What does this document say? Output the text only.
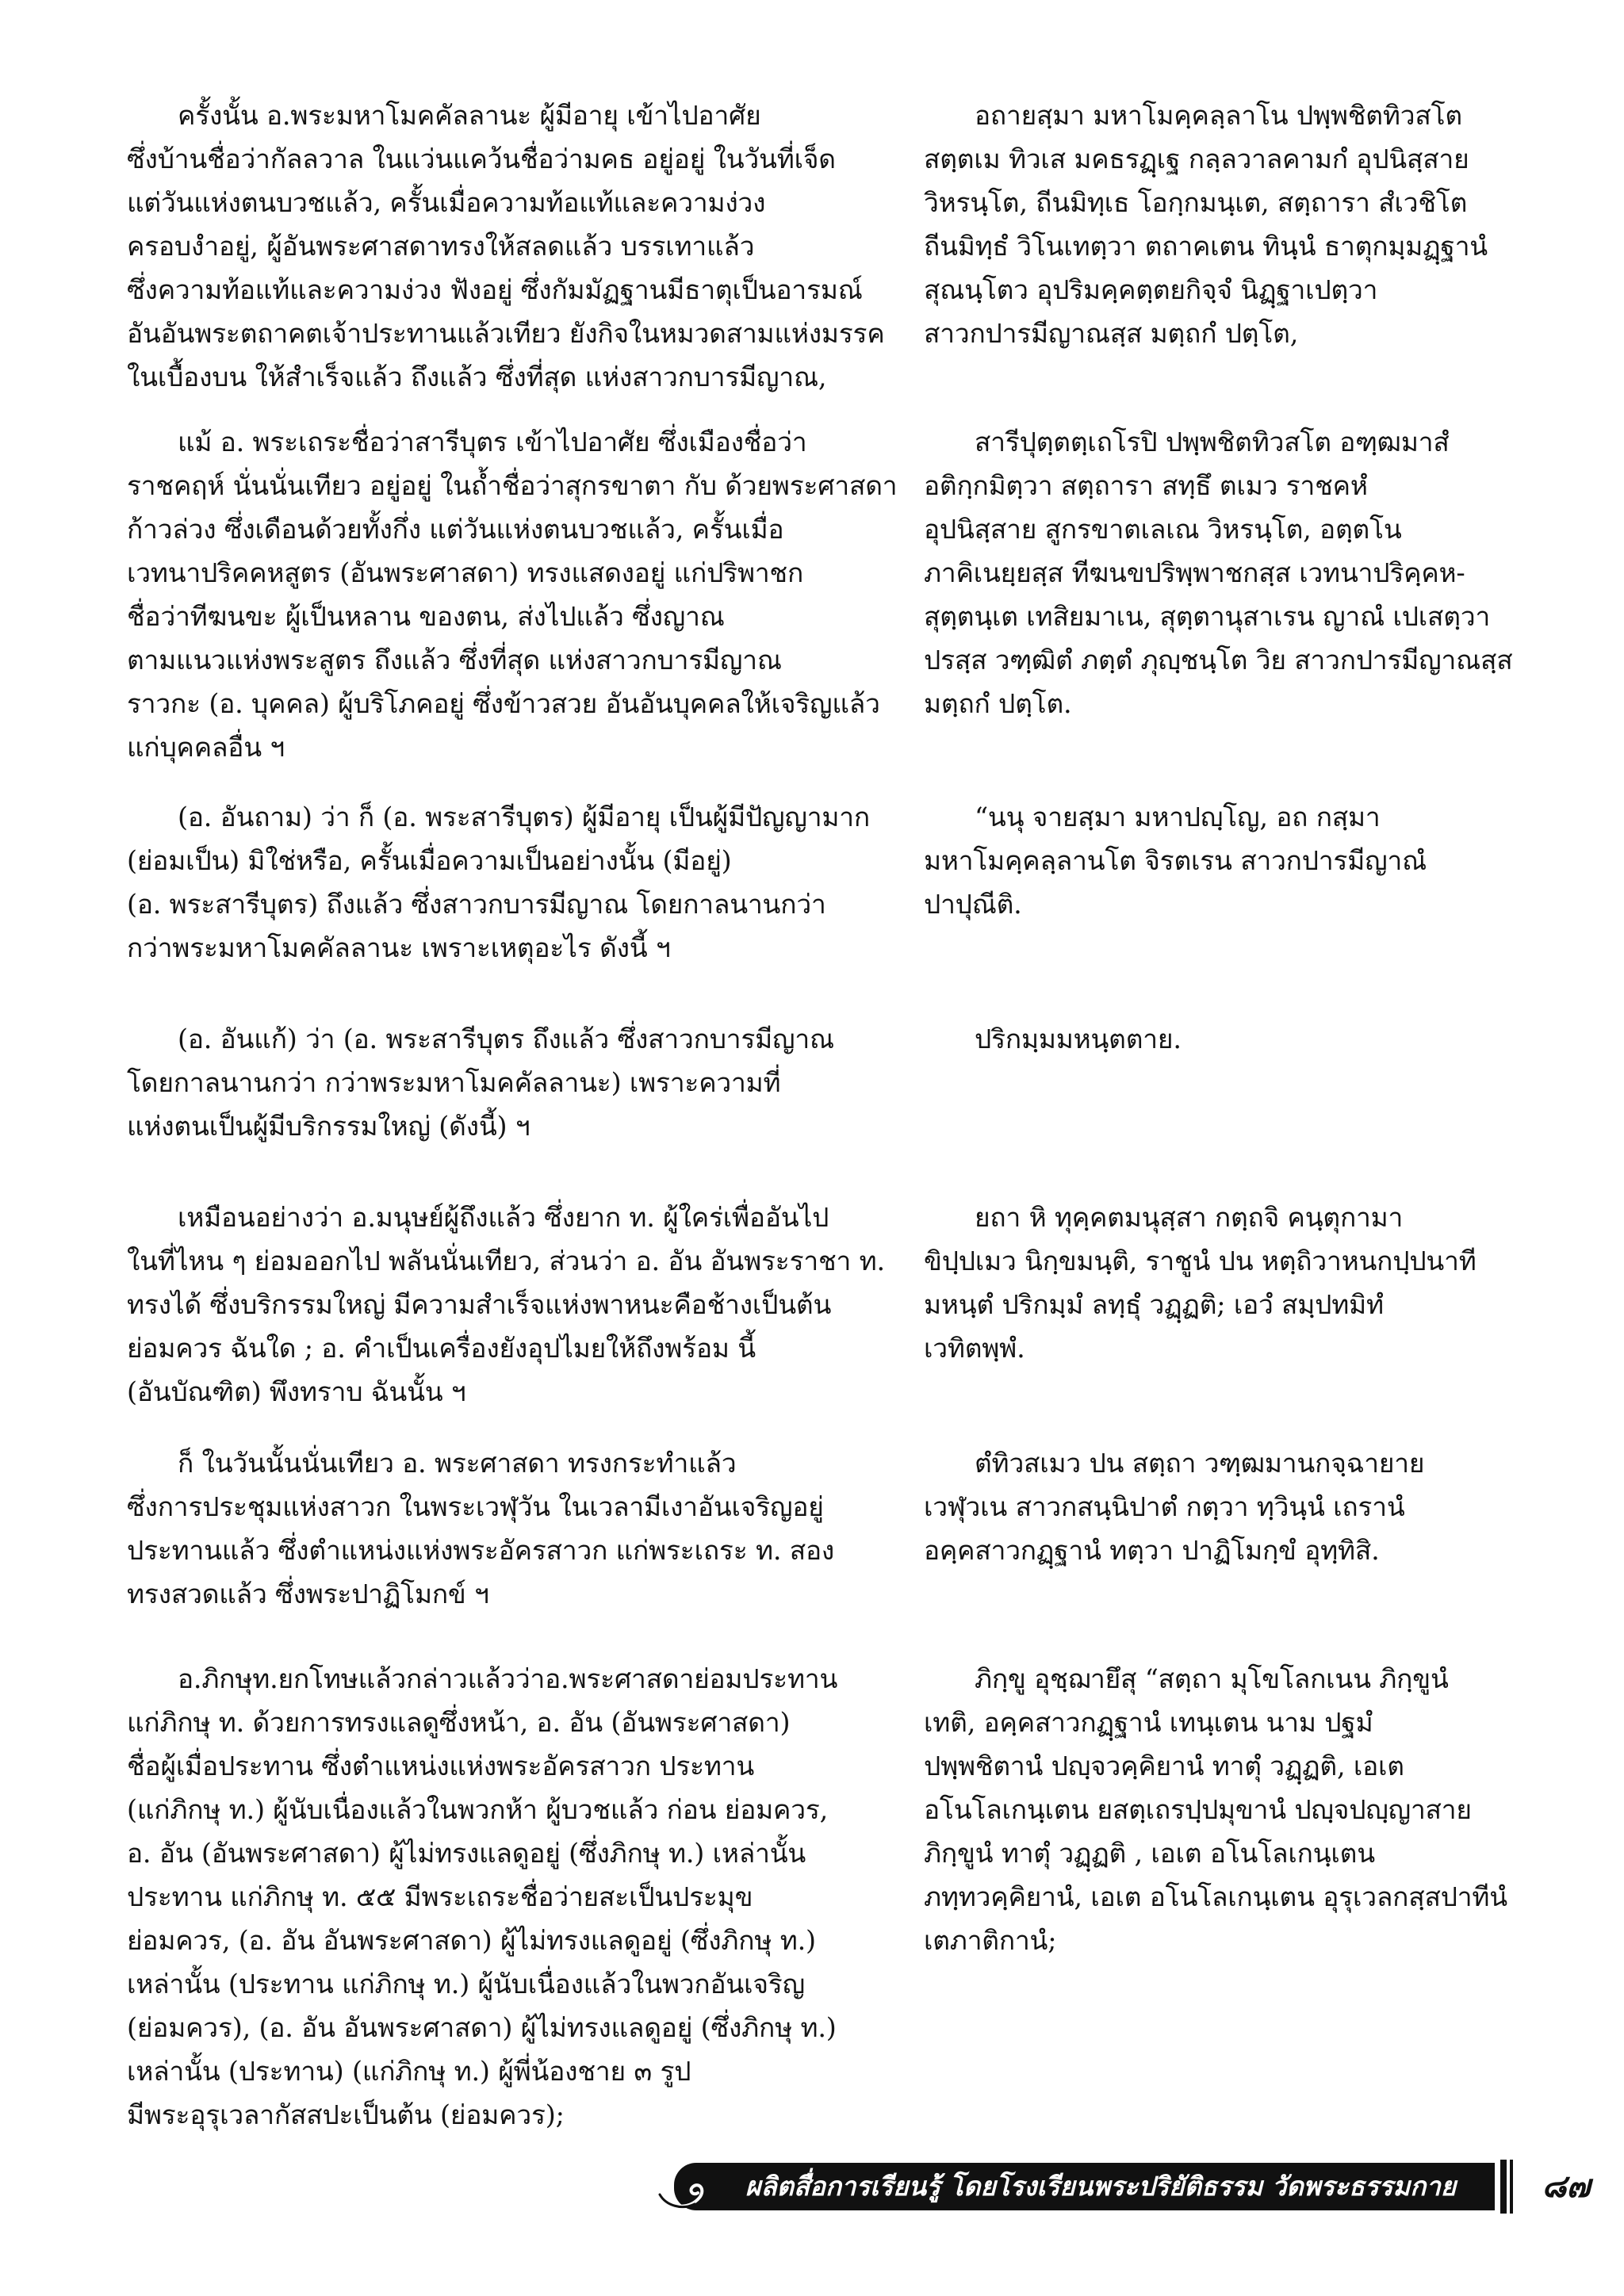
ครั้งนั้น อ.พระมหาโมคคัลลานะ ผู้มีอายุ เข้าไปอาศัย
ซึ่งบ้านชื่อว่ากัลลวาล ในแว่นแคว้นชื่อว่ามคธ อยู่อยู่ ในวันที่เจ็ด
แต่วันแห่งตนบวชแล้ว, ครั้นเมื่อความท้อแท้และความง่วง
ครอบงำอยู่, ผู้อันพระศาสดาทรงให้สลดแล้ว บรรเทาแล้ว
ซึ่งความท้อแท้และความง่วง ฟังอยู่ ซึ่งกัมมัฏฐานมีธาตุเป็นอารมณ์
อันอันพระตถาคตเจ้าประทานแล้วเทียว ยังกิจในหมวดสามแห่งมรรค
ในเบื้องบน ให้สำเร็จแล้ว ถึงแล้ว ซึ่งที่สุด แห่งสาวกบารมีญาณ,

แม้ อ. พระเถระชื่อว่าสารีบุตร เข้าไปอาศัย ซึ่งเมืองชื่อว่า
ราชคฤห์ นั่นนั่นเทียว อยู่อยู่ ในถ้ำชื่อว่าสุกรขาตา กับ ด้วยพระศาสดา
ก้าวล่วง ซึ่งเดือนด้วยทั้งกึ่ง แต่วันแห่งตนบวชแล้ว, ครั้นเมื่อ
เวทนาปริคคหสูตร (อันพระศาสดา) ทรงแสดงอยู่ แก่ปริพาชก
ชื่อว่าทีฆนขะ ผู้เป็นหลาน ของตน, ส่งไปแล้ว ซึ่งญาณ
ตามแนวแห่งพระสูตร ถึงแล้ว ซึ่งที่สุด แห่งสาวกบารมีญาณ
ราวกะ (อ. บุคคล) ผู้บริโภคอยู่ ซึ่งข้าวสวย อันอันบุคคลให้เจริญแล้ว
แก่บุคคลอื่น ฯ

(อ. อันถาม) ว่า ก็ (อ. พระสารีบุตร) ผู้มีอายุ เป็นผู้มีปัญญามาก
(ย่อมเป็น) มิใช่หรือ, ครั้นเมื่อความเป็นอย่างนั้น (มีอยู่)
(อ. พระสารีบุตร) ถึงแล้ว ซึ่งสาวกบารมีญาณ โดยกาลนานกว่า
กว่าพระมหาโมคคัลลานะ เพราะเหตุอะไร ดังนี้ ฯ

(อ. อันแก้) ว่า (อ. พระสารีบุตร ถึงแล้ว ซึ่งสาวกบารมีญาณ
โดยกาลนานกว่า กว่าพระมหาโมคคัลลานะ) เพราะความที่
แห่งตนเป็นผู้มีบริกรรมใหญ่ (ดังนี้) ฯ

เหมือนอย่างว่า อ.มนุษย์ผู้ถึงแล้ว ซึ่งยาก ท. ผู้ใคร่เพื่ออันไป
ในที่ไหน ๆ ย่อมออกไป พลันนั่นเทียว, ส่วนว่า อ. อัน อันพระราชา ท.
ทรงได้ ซึ่งบริกรรมใหญ่ มีความสำเร็จแห่งพาหนะคือช้างเป็นต้น
ย่อมควร ฉันใด ; อ. คำเป็นเครื่องยังอุปไมยให้ถึงพร้อม นี้
(อันบัณฑิต) พึงทราบ ฉันนั้น ฯ

ก็ ในวันนั้นนั่นเทียว อ. พระศาสดา ทรงกระทำแล้ว
ซึ่งการประชุมแห่งสาวก ในพระเวฬุวัน ในเวลามีเงาอันเจริญอยู่
ประทานแล้ว ซึ่งตำแหน่งแห่งพระอัครสาวก แก่พระเถระ ท. สอง
ทรงสวดแล้ว ซึ่งพระปาฏิโมกข์ ฯ

อ.ภิกษุท.ยกโทษแล้วกล่าวแล้วว่าอ.พระศาสดาย่อมประทาน
แก่ภิกษุ ท. ด้วยการทรงแลดูซึ่งหน้า, อ. อัน (อันพระศาสดา)
ชื่อผู้เมื่อประทาน ซึ่งตำแหน่งแห่งพระอัครสาวก ประทาน
(แก่ภิกษุ ท.) ผู้นับเนื่องแล้วในพวกห้า ผู้บวชแล้ว ก่อน ย่อมควร,
อ. อัน (อันพระศาสดา) ผู้ไม่ทรงแลดูอยู่ (ซึ่งภิกษุ ท.) เหล่านั้น
ประทาน แก่ภิกษุ ท. ๕๕ มีพระเถระชื่อว่ายสะเป็นประมุข
ย่อมควร, (อ. อัน อันพระศาสดา) ผู้ไม่ทรงแลดูอยู่ (ซึ่งภิกษุ ท.)
เหล่านั้น (ประทาน แก่ภิกษุ ท.) ผู้นับเนื่องแล้วในพวกอันเจริญ
(ย่อมควร), (อ. อัน อันพระศาสดา) ผู้ไม่ทรงแลดูอยู่ (ซึ่งภิกษุ ท.)
เหล่านั้น (ประทาน) (แก่ภิกษุ ท.) ผู้พี่น้องชาย ๓ รูป
มีพระอุรุเวลากัสสปะเป็นต้น (ย่อมควร);

อถายสฺมา มหาโมคฺคลฺลาโน ปพฺพชิตทิวสโต
สตฺตเม ทิวเส มคธรฏฺเฐ กลฺลวาลคามกํ อุปนิสฺสาย
วิหรนฺโต, ถีนมิทฺเธ โอกฺกมนฺเต, สตฺถารา สํเวชิโต
ถีนมิทฺธํ วิโนเทตฺวา ตถาคเตน ทินฺนํ ธาตุกมฺมฏฺฐานํ
สุณนฺโตว อุปริมคฺคตฺตยกิจฺจํ นิฏฺฐาเปตฺวา
สาวกปารมีญาณสฺส มตฺถกํ ปตฺโต,

สารีปุตฺตตฺเถโรปิ ปพฺพชิตทิวสโต อฑฺฒมาสํ
อติกฺกมิตฺวา สตฺถารา สทฺธึ ตเมว ราชคหํ
อุปนิสฺสาย สูกรขาตเลเณ วิหรนฺโต, อตฺตโน
ภาคิเนยฺยสฺส ทีฆนขปริพฺพาชกสฺส เวทนาปริคฺคห-
สุตฺตนฺเต เทสิยมาเน, สุตฺตานุสาเรน ญาณํ เปเสตฺวา
ปรสฺส วฑฺฒิตํ ภตฺตํ ภุญฺชนฺโต วิย สาวกปารมีญาณสฺส
มตฺถกํ ปตฺโต.

“นนุ จายสฺมา มหาปญฺโญ, อถ กสฺมา
มหาโมคฺคลฺลานโต จิรตเรน สาวกปารมีญาณํ
ปาปุณีติ.

ปริกมฺมมหนฺตตาย.

ยถา หิ ทุคฺคตมนุสฺสา กตฺถจิ คนฺตุกามา
ขิปฺปเมว นิกฺขมนฺติ, ราชูนํ ปน หตฺถิวาหนกปฺปนาที
มหนฺตํ ปริกมฺมํ ลทฺธุํ วฏฺฏติ; เอวํ สมฺปทมิทํ
เวทิตพฺพํ.

ตํทิวสเมว ปน สตฺถา วฑฺฒมานกจฺฉายาย
เวฬุวเน สาวกสนฺนิปาตํ กตฺวา ทฺวินฺนํ เถรานํ
อคฺคสาวกฏฺฐานํ ทตฺวา ปาฏิโมกฺขํ อุทฺทิสิ.

ภิกฺขู อุชฺฌายึสุ “สตฺถา มุโขโลกเนน ภิกฺขูนํ
เทติ, อคฺคสาวกฏฺฐานํ เทนฺเตน นาม ปฐมํ
ปพฺพชิตานํ ปญฺจวคฺคิยานํ ทาตุํ วฏฺฏติ, เอเต
อโนโลเกนฺเตน ยสตฺเถรปฺปมุขานํ ปญฺจปญฺญาสาย
ภิกฺขูนํ ทาตุํ วฏฺฏติ , เอเต อโนโลเกนฺเตน
ภทฺทวคฺคิยานํ, เอเต อโนโลเกนฺเตน อุรุเวลกสฺสปาทีนํ
เตภาติกานํ;

ผลิตสื่อการเรียนรู้ โดยโรงเรียนพระปริยัติธรรม วัดพระธรรมกาย	๘๗
